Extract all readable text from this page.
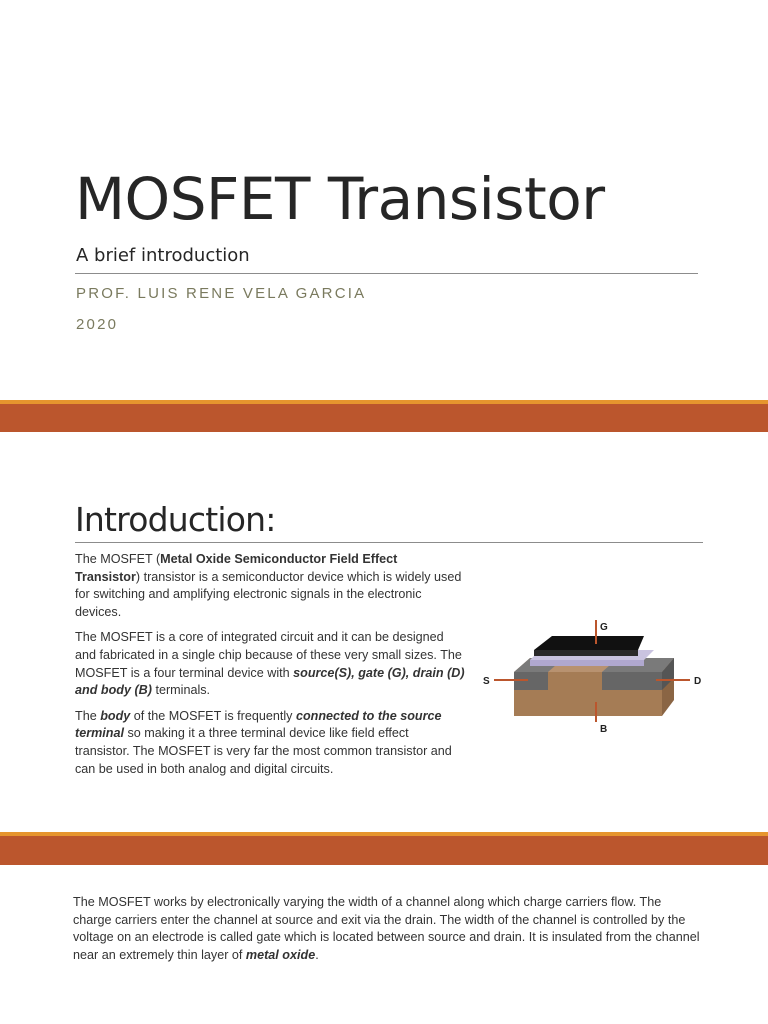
MOSFET Transistor
A brief introduction
PROF. LUIS RENE VELA GARCIA
2020
Introduction:

The MOSFET (Metal Oxide Semiconductor Field Effect Transistor) transistor is a semiconductor device which is widely used for switching and amplifying electronic signals in the electronic devices.

The MOSFET is a core of integrated circuit and it can be designed and fabricated in a single chip because of these very small sizes. The MOSFET is a four terminal device with source(S), gate (G), drain (D) and body (B) terminals.

The body of the MOSFET is frequently connected to the source terminal so making it a three terminal device like field effect transistor. The MOSFET is very far the most common transistor and can be used in both analog and digital circuits.

G
S	D
B

The MOSFET works by electronically varying the width of a channel along which charge carriers flow. The charge carriers enter the channel at source and exit via the drain. The width of the channel is controlled by the voltage on an electrode is called gate which is located between source and drain. It is insulated from the channel near an extremely thin layer of metal oxide.
